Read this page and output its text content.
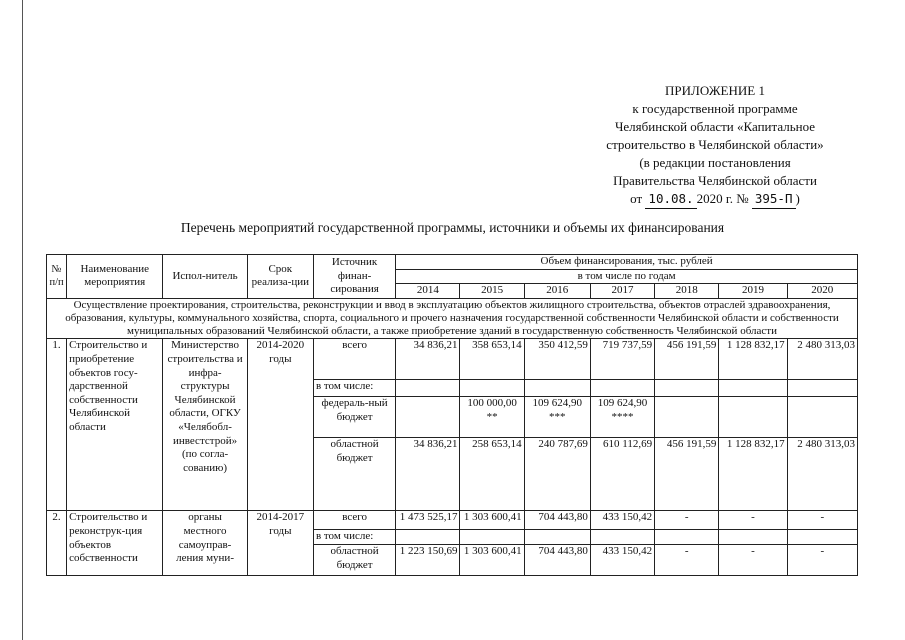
ПРИЛОЖЕНИЕ 1
к государственной программе
Челябинской области «Капитальное
строительство в Челябинской области»
(в редакции постановления
Правительства Челябинской области
от 10.08. 2020 г. № 395-П )
Перечень мероприятий государственной программы, источники и объемы их финансирования
№ п/п	Наименование мероприятия	Испол-нитель	Срок реализа-ции	Источник финан-сирования	Объем финансирования, тыс. рублей						
					в том числе по годам						
					2014	2015	2016	2017	2018	2019	2020
Осуществление проектирования, строительства, реконструкции и ввод в эксплуатацию объектов жилищного строительства, объектов отраслей здравоохранения, образования, культуры, коммунального хозяйства, спорта, социального и прочего назначения государственной собственности Челябинской области и собственности муниципальных образований Челябинской области, а также приобретение зданий в государственную собственность Челябинской области											
1.	Строительство и приобретение объектов госу-дарственной собственности Челябинской области	Министерство строительства и инфра-структуры Челябинской области, ОГКУ «Челябобл-инвестстрой» (по согла-сованию)	2014-2020 годы	всего	34 836,21	358 653,14	350 412,59	719 737,59	456 191,59	1 128 832,17	2 480 313,03
				в том числе:							
				федераль-ный бюджет		100 000,00 **	109 624,90 ***	109 624,90 ****			
				областной бюджет	34 836,21	258 653,14	240 787,69	610 112,69	456 191,59	1 128 832,17	2 480 313,03
2.	Строительство и реконструк-ция объектов собственности	органы местного самоуправ-ления муни-	2014-2017 годы	всего	1 473 525,17	1 303 600,41	704 443,80	433 150,42	-	-	-
				в том числе:							
				областной бюджет	1 223 150,69	1 303 600,41	704 443,80	433 150,42	-	-	-
